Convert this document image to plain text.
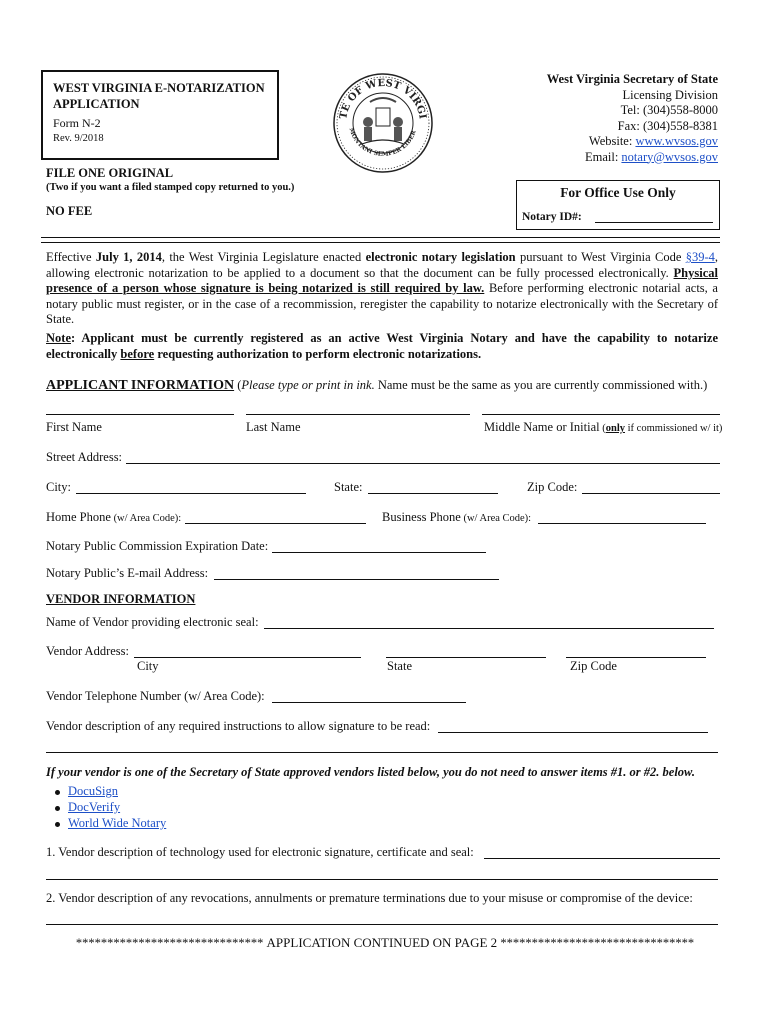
WEST VIRGINIA E-NOTARIZATION
APPLICATION
Form N-2
Rev. 9/2018
TE OF WEST VIRGI
MONTANI SEMPER LIBER
West Virginia Secretary of State
Licensing Division
Tel: (304)558-8000
Fax: (304)558-8381
Website: www.wvsos.gov
Email: notary@wvsos.gov
FILE ONE ORIGINAL
(Two if you want a filed stamped copy returned to you.)
NO FEE
For Office Use Only
Notary ID#:
Effective July 1, 2014, the West Virginia Legislature enacted electronic notary legislation pursuant to West Virginia Code §39-4, allowing electronic notarization to be applied to a document so that the document can be fully processed electronically. Physical presence of a person whose signature is being notarized is still required by law. Before performing electronic notarial acts, a notary public must register, or in the case of a recommission, reregister the capability to notarize electronically with the Secretary of State.
Note: Applicant must be currently registered as an active West Virginia Notary and have the capability to notarize electronically before requesting authorization to perform electronic notarizations.
APPLICANT INFORMATION (Please type or print in ink. Name must be the same as you are currently commissioned with.)
First Name	Last Name	Middle Name or Initial (only if commissioned w/ it)
Street Address:
City:	State:	Zip Code:
Home Phone (w/ Area Code):	Business Phone (w/ Area Code):
Notary Public Commission Expiration Date:
Notary Public’s E-mail Address:
VENDOR INFORMATION
Name of Vendor providing electronic seal:
Vendor Address:
City	State	Zip Code
Vendor Telephone Number (w/ Area Code):
Vendor description of any required instructions to allow signature to be read:
If your vendor is one of the Secretary of State approved vendors listed below, you do not need to answer items #1. or #2. below.
DocuSign
DocVerify
World Wide Notary
1. Vendor description of technology used for electronic signature, certificate and seal:
2. Vendor description of any revocations, annulments or premature terminations due to your misuse or compromise of the device:
****************************** APPLICATION CONTINUED ON PAGE 2 *******************************
